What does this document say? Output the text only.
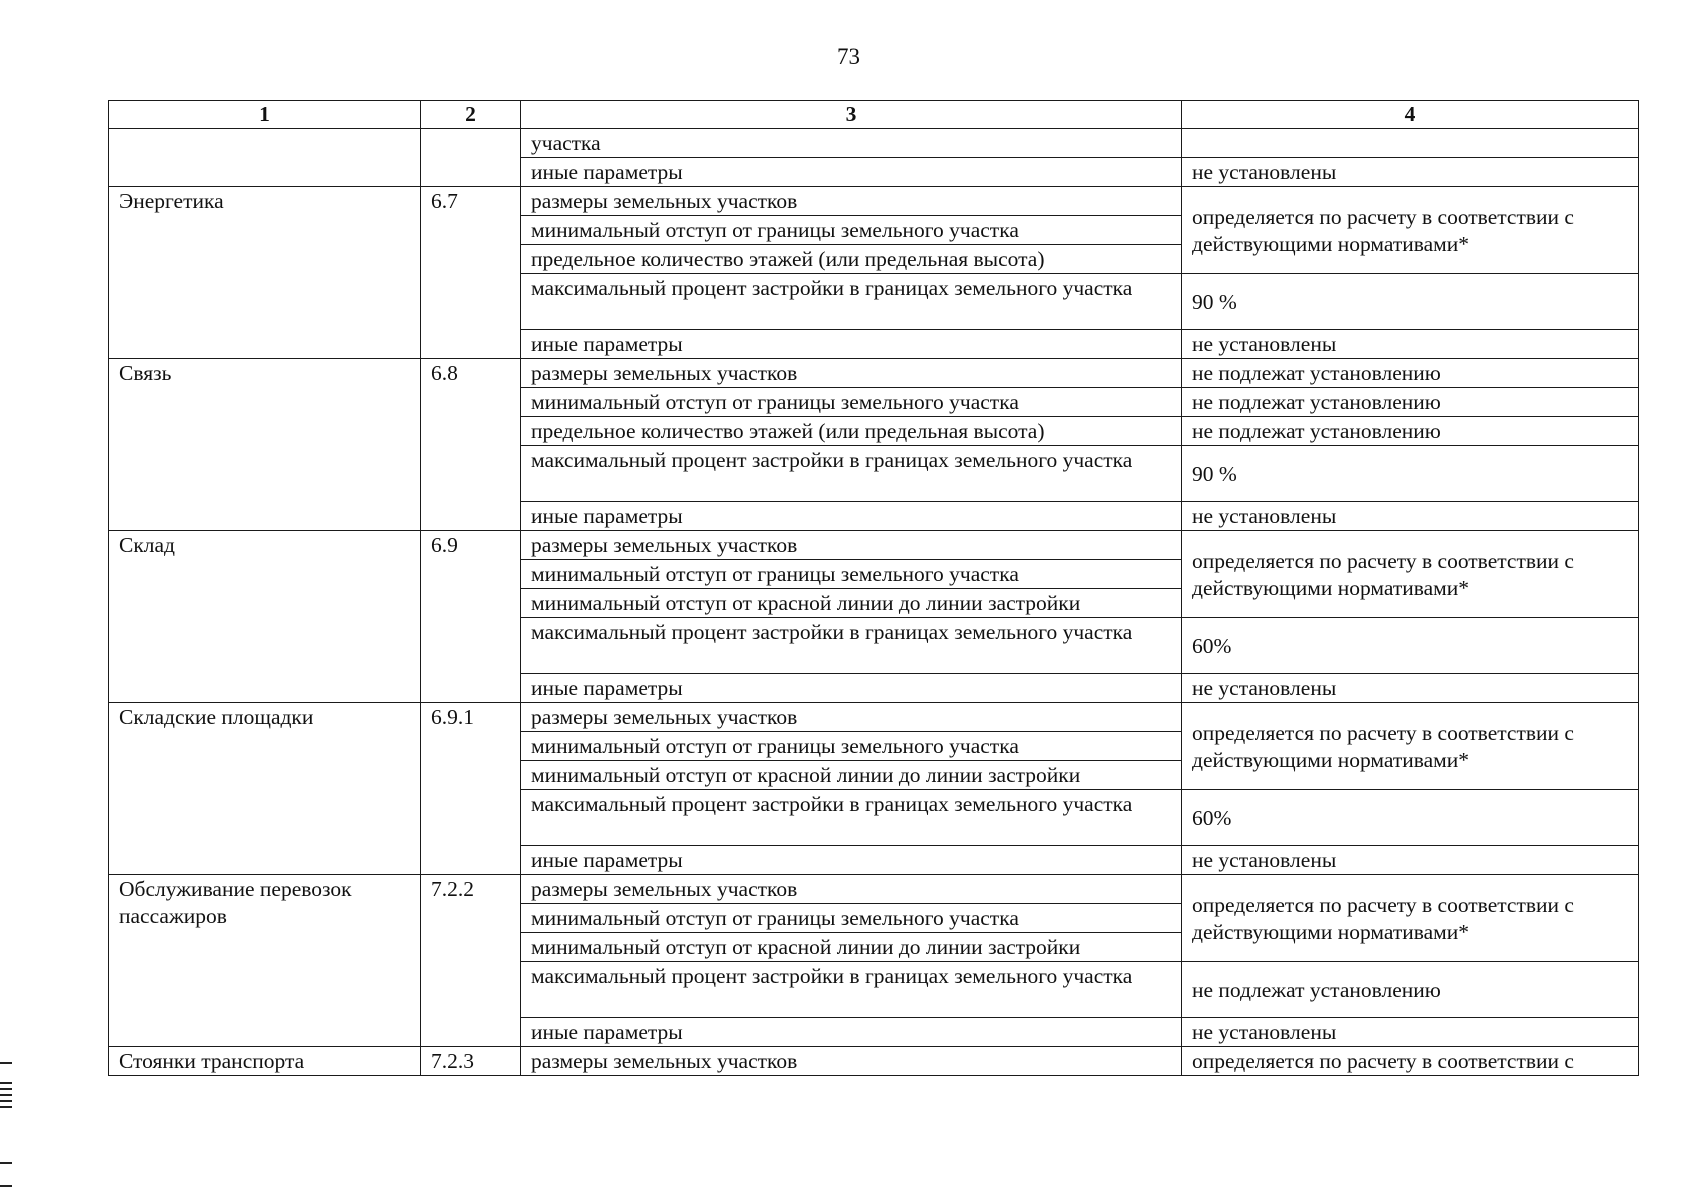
73
1	2	3	4
		участка	
		иные параметры	не установлены
Энергетика	6.7	размеры земельных участков	определяется по расчету в соответствии с действующими нормативами*
		минимальный отступ от границы земельного участка	
		предельное количество этажей (или предельная высота)	
		максимальный процент застройки в границах земельного участка	90 %
		иные параметры	не установлены
Связь	6.8	размеры земельных участков	не подлежат установлению
		минимальный отступ от границы земельного участка	не подлежат установлению
		предельное количество этажей (или предельная высота)	не подлежат установлению
		максимальный процент застройки в границах земельного участка	90 %
		иные параметры	не установлены
Склад	6.9	размеры земельных участков	определяется по расчету в соответствии с действующими нормативами*
		минимальный отступ от границы земельного участка	
		минимальный отступ от красной линии до линии застройки	
		максимальный процент застройки в границах земельного участка	60%
		иные параметры	не установлены
Складские площадки	6.9.1	размеры земельных участков	определяется по расчету в соответствии с действующими нормативами*
		минимальный отступ от границы земельного участка	
		минимальный отступ от красной линии до линии застройки	
		максимальный процент застройки в границах земельного участка	60%
		иные параметры	не установлены
Обслуживание перевозок пассажиров	7.2.2	размеры земельных участков	определяется по расчету в соответствии с действующими нормативами*
		минимальный отступ от границы земельного участка	
		минимальный отступ от красной линии до линии застройки	
		максимальный процент застройки в границах земельного участка	не подлежат установлению
		иные параметры	не установлены
Стоянки транспорта	7.2.3	размеры земельных участков	определяется по расчету в соответствии с
